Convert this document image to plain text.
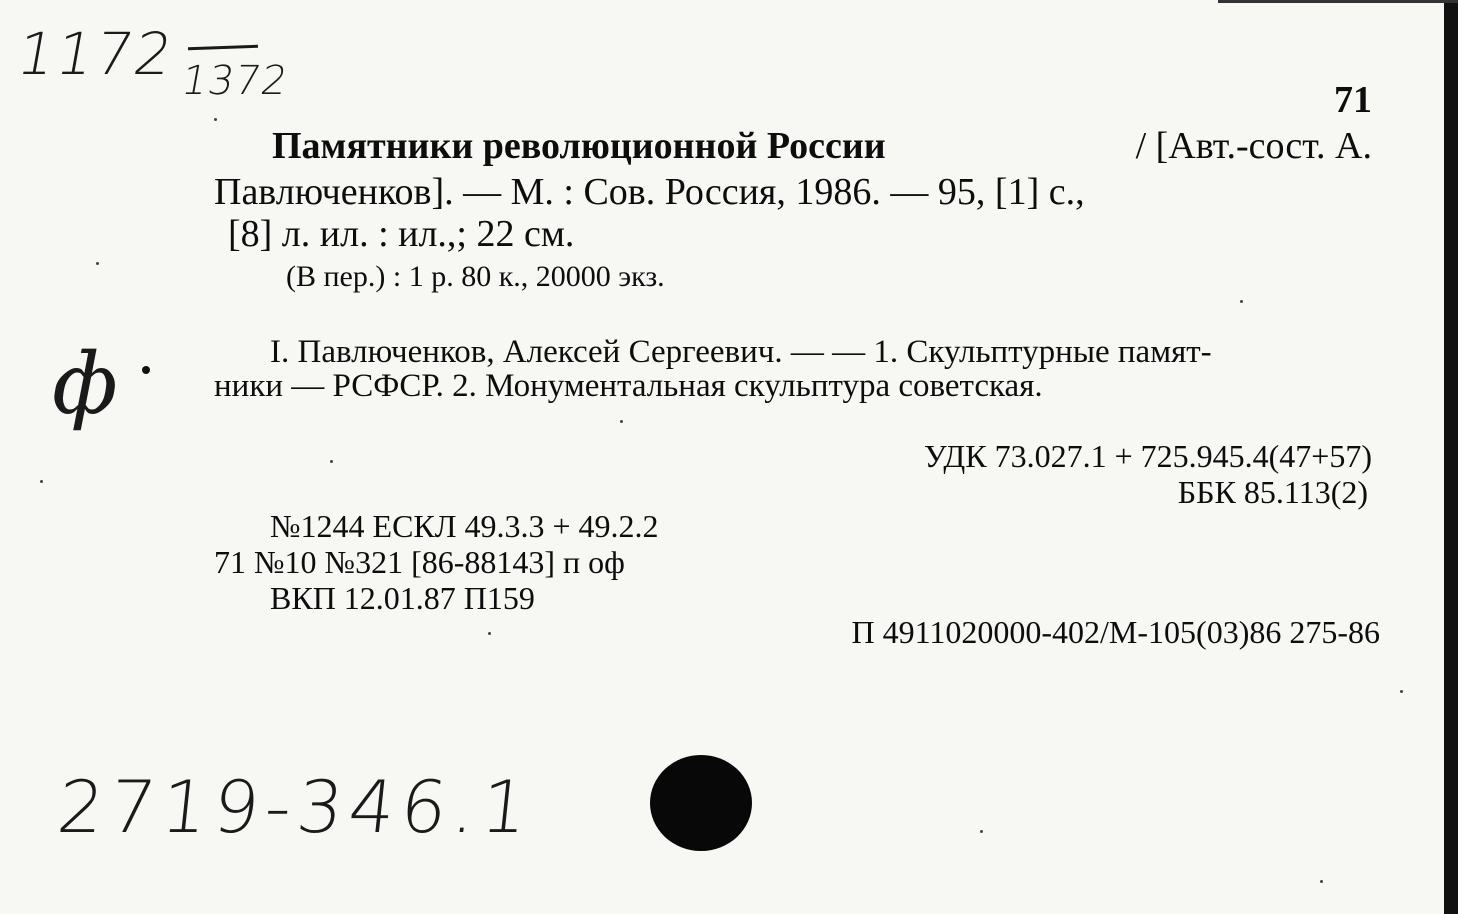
1172
1372
ф
71
Памятники революционной России	/ [Авт.-сост. А.
Павлюченков]. — М. : Сов. Россия, 1986. — 95, [1] с.,
[8] л. ил. : ил.,; 22 см.
(В пер.) : 1 р. 80 к., 20000 экз.
I. Павлюченков, Алексей Сергеевич. — — 1. Скульптурные памят-
ники — РСФСР. 2. Монументальная скульптура советская.
УДК 73.027.1 + 725.945.4(47+57)
ББК 85.113(2)
№1244 ЕСКЛ 49.3.3 + 49.2.2
71 №10 №321 [86-88143] п оф
ВКП 12.01.87 П159
П 4911020000-402/М-105(03)86 275-86
2719-346.1
